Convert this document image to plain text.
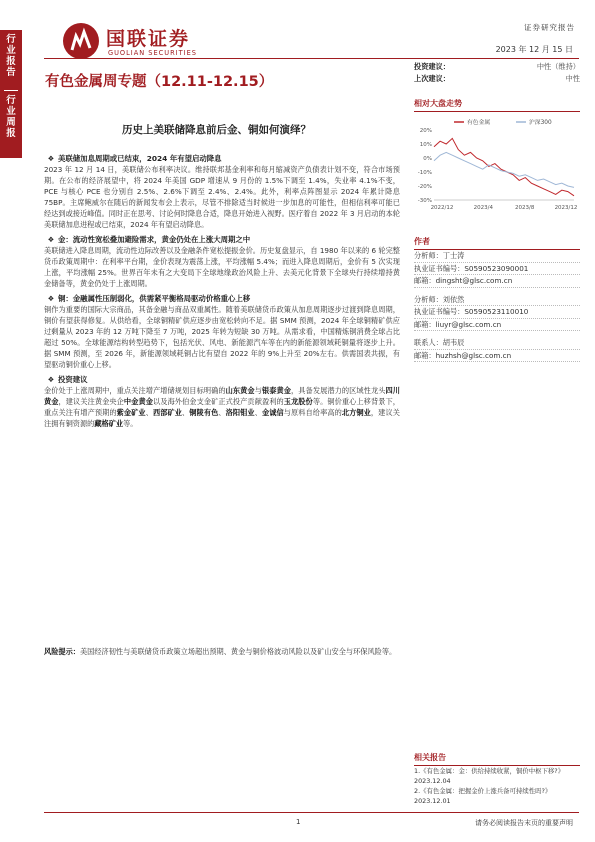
行业报告
行业周报
国联证券
GUOLIAN SECURITIES
证券研究报告
2023 年 12 月 15 日
有色金属周专题（12.11-12.15）
历史上美联储降息前后金、铜如何演绎？
❖ 美联储加息周期或已结束，2024 年有望启动降息
2023 年 12 月 14 日，美联储公布利率决议。维持联邦基金利率和每月缩减资产负债表计划不变，符合市场预期。在公布的经济展望中，将 2024 年美国 GDP 增速从 9 月份的 1.5%下调至 1.4%，失业率 4.1%不变，PCE 与核心 PCE 也分别自 2.5%、2.6%下调至 2.4%、2.4%。此外，利率点阵图显示 2024 年累计降息 75BP。主席鲍威尔在随后的新闻发布会上表示，尽管不排除适当时候进一步加息的可能性，但相信利率可能已经达到或接近峰值。同时正在思考、讨论何时降息合适，降息开始进入视野。医疗着自 2022 年 3 月启动的本轮美联储加息进程或已结束，2024 年有望启动降息。
❖ 金：流动性宽松叠加避险需求，黄金仍处在上涨大周期之中
美联储进入降息周期，流动性边际改善以及金融条件宽松提振金价。历史复盘显示，自 1980 年以来的 6 轮完整货币政策周期中：在利率平台期，金价表现为震荡上涨，平均涨幅 5.4%；而进入降息周期后，金价有 5 次实现上涨，平均涨幅 25%。世界百年未有之大变局下全球地缘政治风险上升、去美元化背景下全球央行持续增持黄金储备等，黄金仍处于上涨周期。
❖ 铜：金融属性压制弱化，供需紧平衡格局驱动价格重心上移
铜作为重要的国际大宗商品，其备金融与商品双重属性。随着美联储货币政策从加息周期逐步过渡到降息周期，铜价有望获得修复。从供给看，全球铜精矿供应逐步由宽松转向不足。据 SMM 预测，2024 年全球铜精矿供应过剩量从 2023 年的 12 万吨下降至 7 万吨，2025 年转为短缺 30 万吨。从需求看，中国精炼铜消费全球占比超过 50%。全球能源结构转型趋势下，包括光伏、风电、新能源汽车等在内的新能源领域耗铜量将逐步上升。据 SMM 预测，至 2026 年，新能源领域耗铜占比有望自 2022 年的 9%上升至 20%左右。供需国表共振，有望驱动铜价重心上移。
❖ 投资建议
金价处于上涨周期中，重点关注增产增储规划目标明确的山东黄金与银泰黄金，具备发展潜力的区域性龙头四川黄金，建议关注黄金央企中金黄金以及海外伯金支金矿正式投产贡献盈利的玉龙股份等。铜价重心上移背景下，重点关注有增产预期的紫金矿业、西部矿业、铜陵有色、洛阳钼业、金诚信与原料自给率高的北方铜业，建议关注拥有铜资源的藏格矿业等。
风险提示：美国经济韧性与美联储货币政策立场超出预期、黄金与铜价格波动风险以及矿山安全与环保风险等。
投资建议：	中性（维持）
上次建议：	中性
相对大盘走势
20%
10%
0%
-10%
-20%
-30%
有色金属	沪深300
2022/12	2023/4	2023/8	2023/12
作者
分析师：丁士涛
执业证书编号：S0590523090001
邮箱：dingsht@glsc.com.cn
分析师：刘依然
执业证书编号：S0590523110010
邮箱：liuyr@glsc.com.cn
联系人：胡韦辰
邮箱：huzhsh@glsc.com.cn
相关报告
1.《有色金属：金：供给持续收紧，铜价中枢下移?》
2023.12.04
2.《有色金属：把握金价上涨兵备可持续性吗?》
2023.12.01
1	请务必阅读报告末页的重要声明
